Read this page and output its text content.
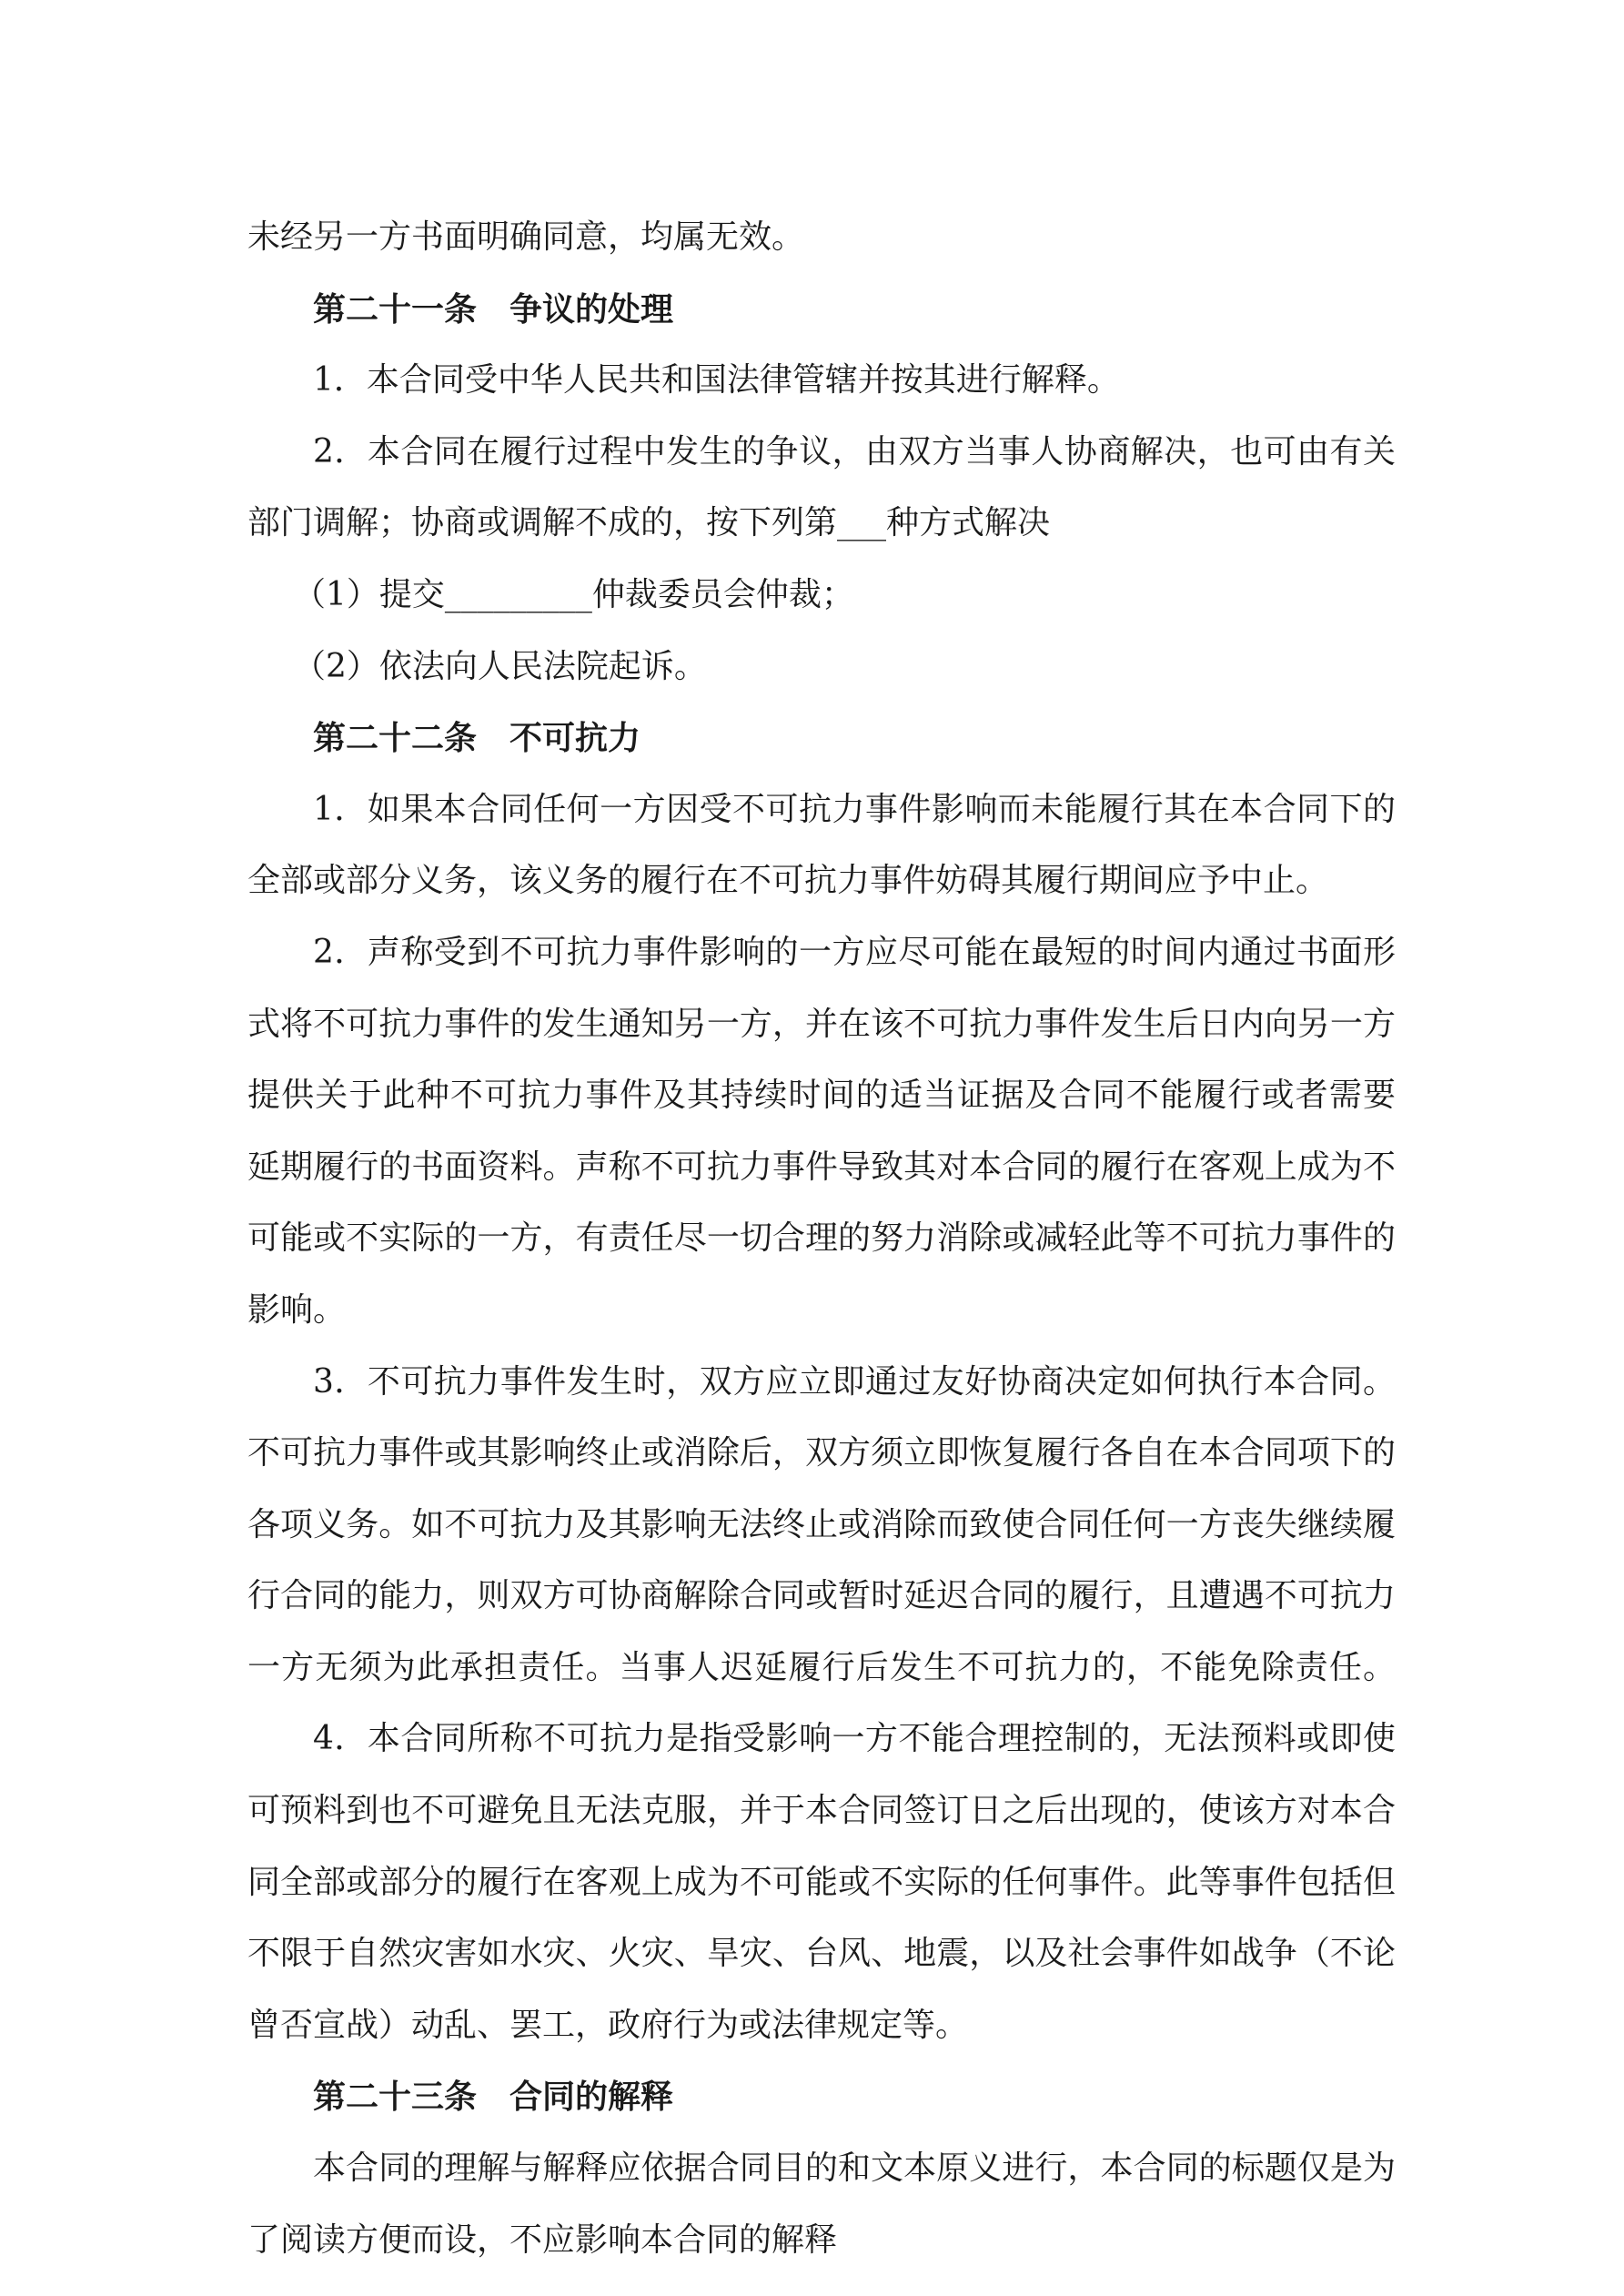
未经另一方书面明确同意，均属无效。
第二十一条　争议的处理
1．本合同受中华人民共和国法律管辖并按其进行解释。
2．本合同在履行过程中发生的争议，由双方当事人协商解决，也可由有关
部门调解；协商或调解不成的，按下列第___种方式解决
（1）提交_________仲裁委员会仲裁；
（2）依法向人民法院起诉。
第二十二条　不可抗力
1．如果本合同任何一方因受不可抗力事件影响而未能履行其在本合同下的
全部或部分义务，该义务的履行在不可抗力事件妨碍其履行期间应予中止。
2．声称受到不可抗力事件影响的一方应尽可能在最短的时间内通过书面形
式将不可抗力事件的发生通知另一方，并在该不可抗力事件发生后日内向另一方
提供关于此种不可抗力事件及其持续时间的适当证据及合同不能履行或者需要
延期履行的书面资料。声称不可抗力事件导致其对本合同的履行在客观上成为不
可能或不实际的一方，有责任尽一切合理的努力消除或减轻此等不可抗力事件的
影响。
3．不可抗力事件发生时，双方应立即通过友好协商决定如何执行本合同。
不可抗力事件或其影响终止或消除后，双方须立即恢复履行各自在本合同项下的
各项义务。如不可抗力及其影响无法终止或消除而致使合同任何一方丧失继续履
行合同的能力，则双方可协商解除合同或暂时延迟合同的履行，且遭遇不可抗力
一方无须为此承担责任。当事人迟延履行后发生不可抗力的，不能免除责任。
4．本合同所称不可抗力是指受影响一方不能合理控制的，无法预料或即使
可预料到也不可避免且无法克服，并于本合同签订日之后出现的，使该方对本合
同全部或部分的履行在客观上成为不可能或不实际的任何事件。此等事件包括但
不限于自然灾害如水灾、火灾、旱灾、台风、地震，以及社会事件如战争（不论
曾否宣战）动乱、罢工，政府行为或法律规定等。
第二十三条　合同的解释
本合同的理解与解释应依据合同目的和文本原义进行，本合同的标题仅是为
了阅读方便而设，不应影响本合同的解释
